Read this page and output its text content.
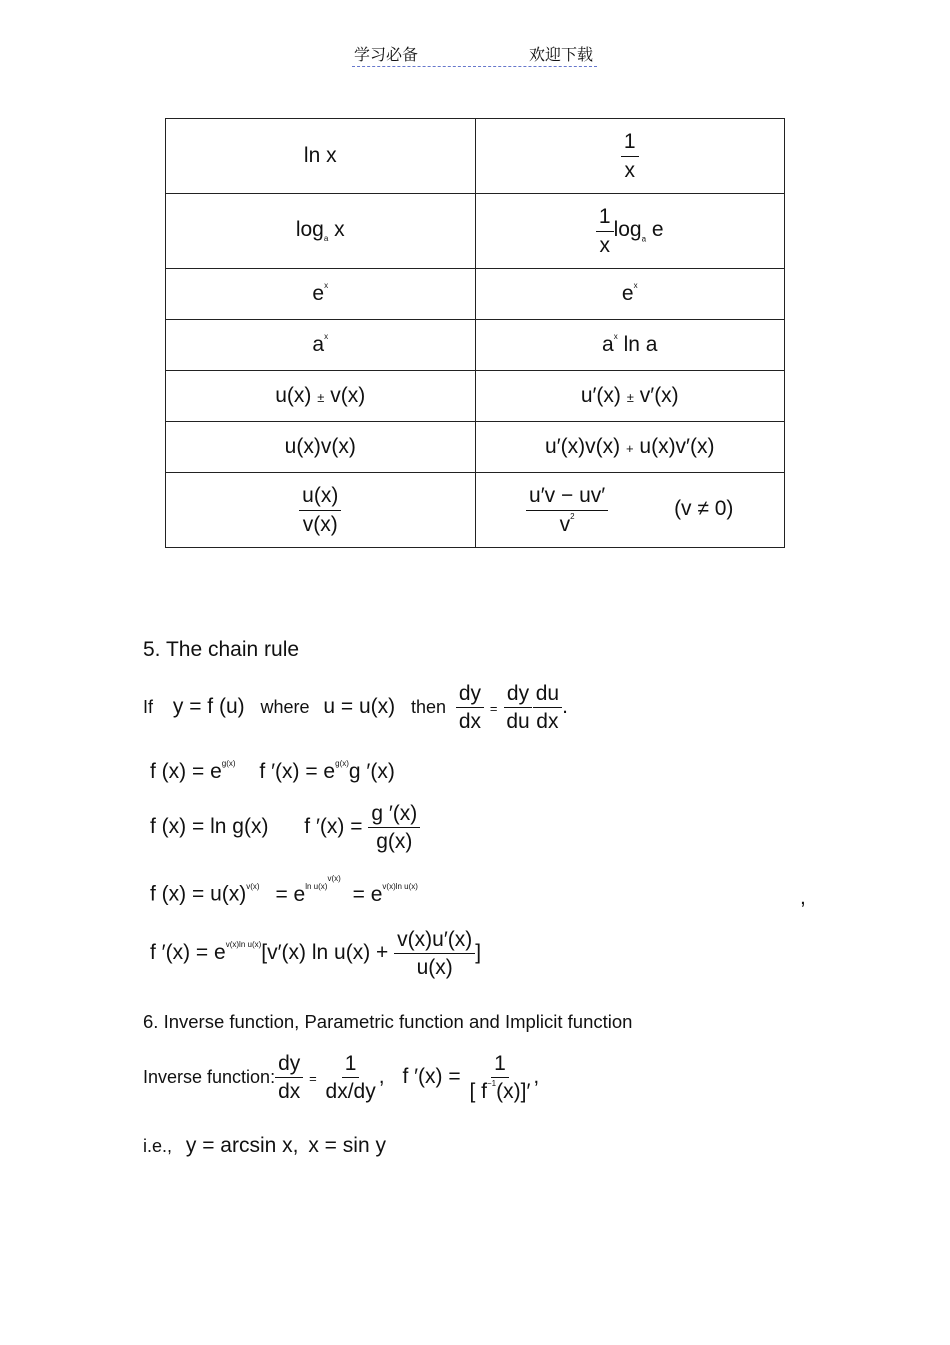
学习必备	欢迎下载
ln x	$\frac{1}{x}$

$\log_a x$	$\frac{1}{x} \log_a e$
$e^x$	$e^x$
$a^x$	$a^x$ ln a
u(x) ± v(x)	u′(x) ± v′(x)
u(x)v(x)	u′(x)v(x) + u(x)v′(x)

$\frac{u(x)}{v(x)}$	$\frac{u'v - uv'}{v^2} (v \ne 0)$
5. The chain rule
If y = f (u) where u = u(x) then $\frac{dy}{dx} = \frac{dy}{du} \frac{du}{dx}$ .
f $(x) = e^{g(x)}$ f $'(x) = e^{g(x)}g$ ′(x)
f (x) = ln g(x) f $'(x) = \frac{g '(x)}{g(x)}$
f $(x) = u(x)^{v(x)} = e^{ln u(x)^{v(x)}} = e^{v(x)ln u(x)}$	,
f $'(x) = e^{v(x)ln u(x)}[v'(x)$ $\ln u(x) + \frac{v(x)u'(x)}{u(x)}$ ]
6. Inverse function, Parametric function and Implicit function
Inverse function: $\frac{dy}{dx} = \frac{1}{dx/dy}$ , f $'(x) = \frac{1}{[ f^{-1}(x)]'}$ ,
i.e., y = arcsin x, x = sin y
